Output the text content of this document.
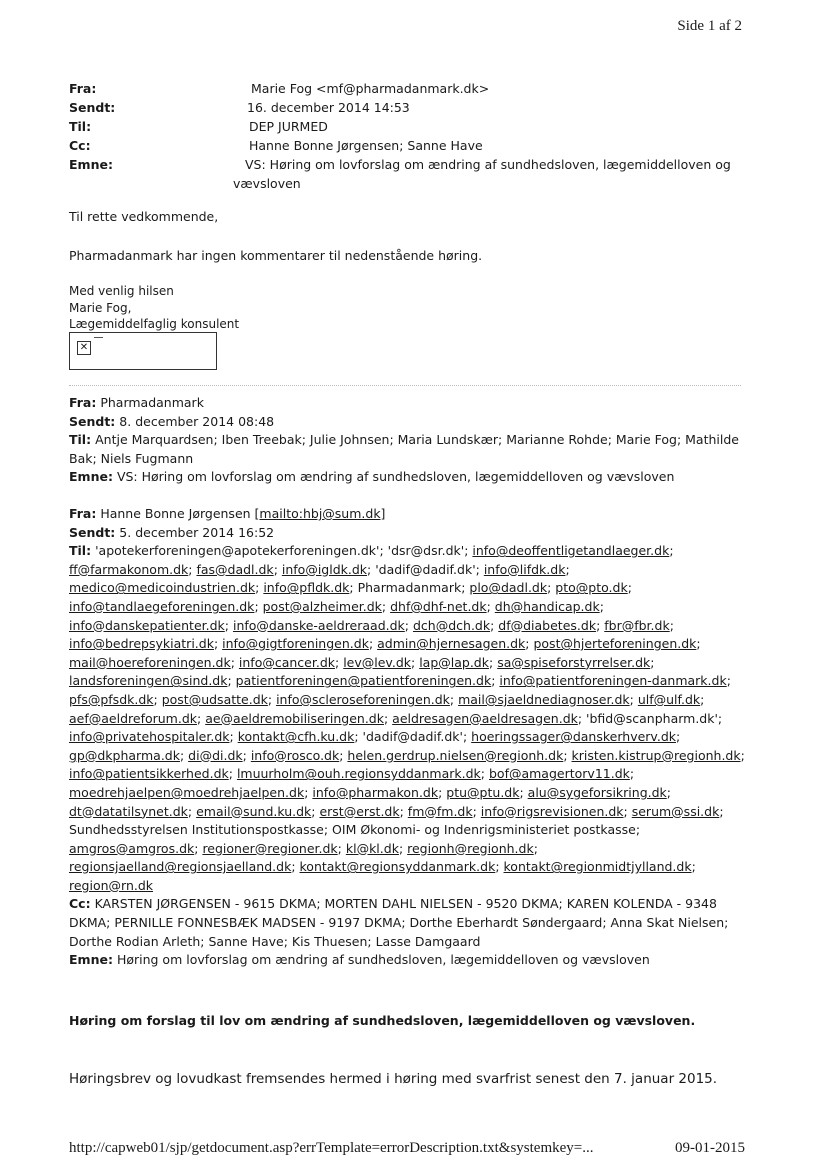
Side 1 af 2
Fra:	Marie Fog <mf@pharmadanmark.dk>
Sendt:	16. december 2014 14:53
Til:	DEP JURMED
Cc:	Hanne Bonne Jørgensen; Sanne Have
Emne:	VS: Høring om lovforslag om ændring af sundhedsloven, lægemiddelloven og vævsloven
Til rette vedkommende,
Pharmadanmark har ingen kommentarer til nedenstående høring.
Med venlig hilsen
Marie Fog,
Lægemiddelfaglig konsulent
✕
Fra: Pharmadanmark
Sendt: 8. december 2014 08:48
Til: Antje Marquardsen; Iben Treebak; Julie Johnsen; Maria Lundskær; Marianne Rohde; Marie Fog; Mathilde Bak; Niels Fugmann
Emne: VS: Høring om lovforslag om ændring af sundhedsloven, lægemiddelloven og vævsloven
Fra: Hanne Bonne Jørgensen [mailto:hbj@sum.dk]
Sendt: 5. december 2014 16:52
Til: 'apotekerforeningen@apotekerforeningen.dk'; 'dsr@dsr.dk'; info@deoffentligetandlaeger.dk; ff@farmakonom.dk; fas@dadl.dk; info@igldk.dk; 'dadif@dadif.dk'; info@lifdk.dk; medico@medicoindustrien.dk; info@pfldk.dk; Pharmadanmark; plo@dadl.dk; pto@pto.dk; info@tandlaegeforeningen.dk; post@alzheimer.dk; dhf@dhf-net.dk; dh@handicap.dk; info@danskepatienter.dk; info@danske-aeldreraad.dk; dch@dch.dk; df@diabetes.dk; fbr@fbr.dk; info@bedrepsykiatri.dk; info@gigtforeningen.dk; admin@hjernesagen.dk; post@hjerteforeningen.dk; mail@hoereforeningen.dk; info@cancer.dk; lev@lev.dk; lap@lap.dk; sa@spiseforstyrrelser.dk; landsforeningen@sind.dk; patientforeningen@patientforeningen.dk; info@patientforeningen-danmark.dk; pfs@pfsdk.dk; post@udsatte.dk; info@scleroseforeningen.dk; mail@sjaeldnediagnoser.dk; ulf@ulf.dk; aef@aeldreforum.dk; ae@aeldremobiliseringen.dk; aeldresagen@aeldresagen.dk; 'bfid@scanpharm.dk'; info@privatehospitaler.dk; kontakt@cfh.ku.dk; 'dadif@dadif.dk'; hoeringssager@danskerhverv.dk; gp@dkpharma.dk; di@di.dk; info@rosco.dk; helen.gerdrup.nielsen@regionh.dk; kristen.kistrup@regionh.dk; info@patientsikkerhed.dk; lmuurholm@ouh.regionsyddanmark.dk; bof@amagertorv11.dk; moedrehjaelpen@moedrehjaelpen.dk; info@pharmakon.dk; ptu@ptu.dk; alu@sygeforsikring.dk; dt@datatilsynet.dk; email@sund.ku.dk; erst@erst.dk; fm@fm.dk; info@rigsrevisionen.dk; serum@ssi.dk; Sundhedsstyrelsen Institutionspostkasse; OIM Økonomi- og Indenrigsministeriet postkasse; amgros@amgros.dk; regioner@regioner.dk; kl@kl.dk; regionh@regionh.dk; regionsjaelland@regionsjaelland.dk; kontakt@regionsyddanmark.dk; kontakt@regionmidtjylland.dk; region@rn.dk
Cc: KARSTEN JØRGENSEN - 9615 DKMA; MORTEN DAHL NIELSEN - 9520 DKMA; KAREN KOLENDA - 9348 DKMA; PERNILLE FONNESBÆK MADSEN - 9197 DKMA; Dorthe Eberhardt Søndergaard; Anna Skat Nielsen; Dorthe Rodian Arleth; Sanne Have; Kis Thuesen; Lasse Damgaard
Emne: Høring om lovforslag om ændring af sundhedsloven, lægemiddelloven og vævsloven
Høring om forslag til lov om ændring af sundhedsloven, lægemiddelloven og vævsloven.
Høringsbrev og lovudkast fremsendes hermed i høring med svarfrist senest den 7. januar 2015.
http://capweb01/sjp/getdocument.asp?errTemplate=errorDescription.txt&systemkey=...	09-01-2015
